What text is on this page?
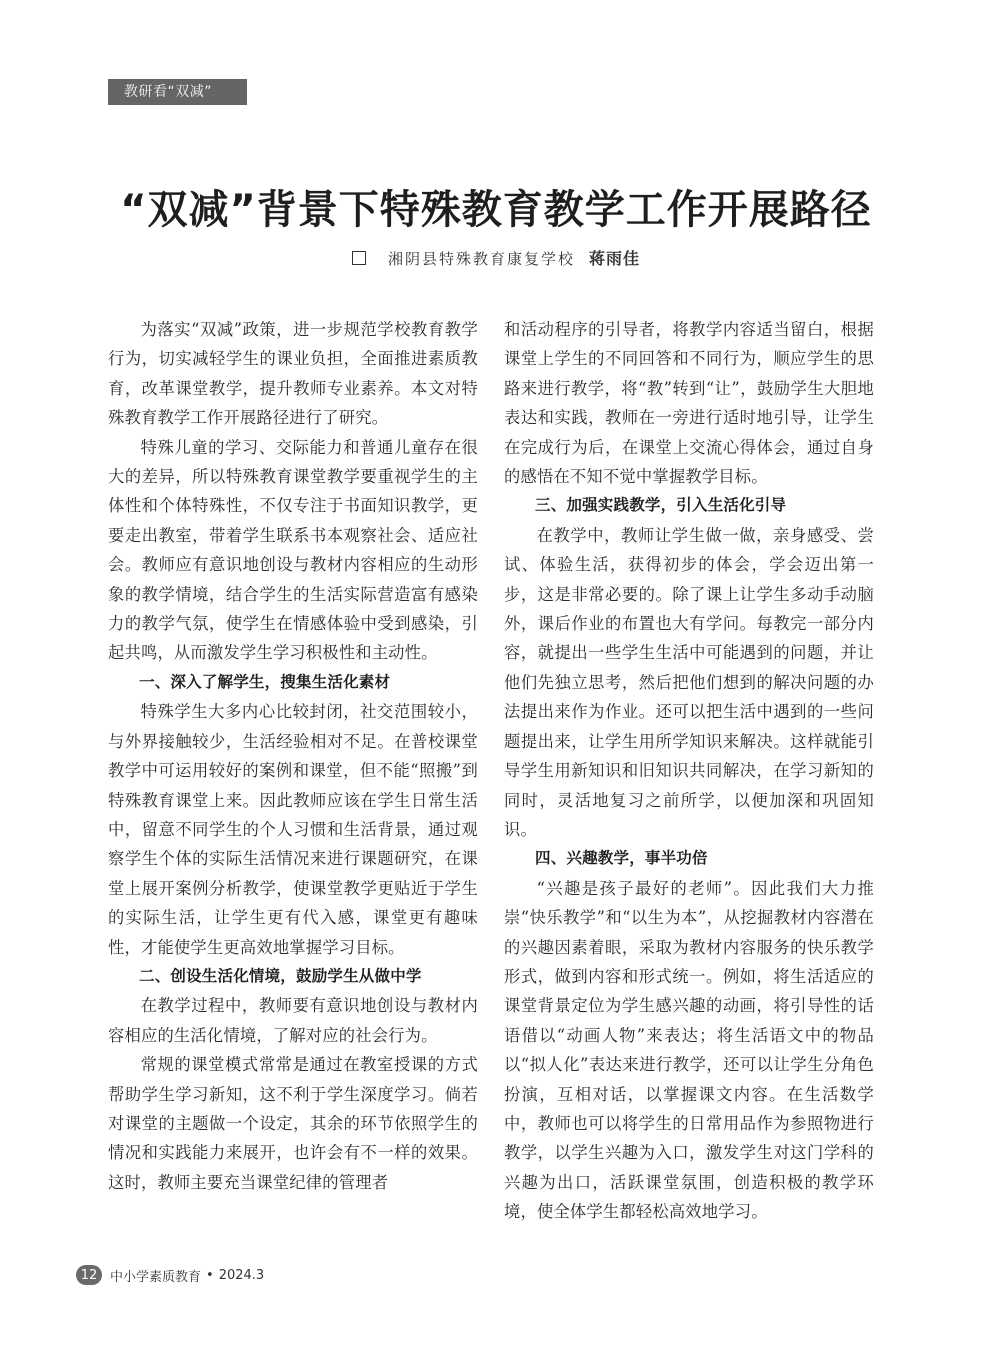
教研看“双减”
“双减”背景下特殊教育教学工作开展路径
湘阴县特殊教育康复学校 蒋雨佳

为落实“双减”政策，进一步规范学校教育教学行为，切实减轻学生的课业负担，全面推进素质教育，改革课堂教学，提升教师专业素养。本文对特殊教育教学工作开展路径进行了研究。

特殊儿童的学习、交际能力和普通儿童存在很大的差异，所以特殊教育课堂教学要重视学生的主体性和个体特殊性，不仅专注于书面知识教学，更要走出教室，带着学生联系书本观察社会、适应社会。教师应有意识地创设与教材内容相应的生动形象的教学情境，结合学生的生活实际营造富有感染力的教学气氛，使学生在情感体验中受到感染，引起共鸣，从而激发学生学习积极性和主动性。

一、深入了解学生，搜集生活化素材

特殊学生大多内心比较封闭，社交范围较小，与外界接触较少，生活经验相对不足。在普校课堂教学中可运用较好的案例和课堂，但不能“照搬”到特殊教育课堂上来。因此教师应该在学生日常生活中，留意不同学生的个人习惯和生活背景，通过观察学生个体的实际生活情况来进行课题研究，在课堂上展开案例分析教学，使课堂教学更贴近于学生的实际生活，让学生更有代入感，课堂更有趣味性，才能使学生更高效地掌握学习目标。

二、创设生活化情境，鼓励学生从做中学

在教学过程中，教师要有意识地创设与教材内容相应的生活化情境，了解对应的社会行为。

常规的课堂模式常常是通过在教室授课的方式帮助学生学习新知，这不利于学生深度学习。倘若对课堂的主题做一个设定，其余的环节依照学生的情况和实践能力来展开，也许会有不一样的效果。这时，教师主要充当课堂纪律的管理者

和活动程序的引导者，将教学内容适当留白，根据课堂上学生的不同回答和不同行为，顺应学生的思路来进行教学，将“教”转到“让”，鼓励学生大胆地表达和实践，教师在一旁进行适时地引导，让学生在完成行为后，在课堂上交流心得体会，通过自身的感悟在不知不觉中掌握教学目标。

三、加强实践教学，引入生活化引导

在教学中，教师让学生做一做，亲身感受、尝试、体验生活，获得初步的体会，学会迈出第一步，这是非常必要的。除了课上让学生多动手动脑外，课后作业的布置也大有学问。每教完一部分内容，就提出一些学生生活中可能遇到的问题，并让他们先独立思考，然后把他们想到的解决问题的办法提出来作为作业。还可以把生活中遇到的一些问题提出来，让学生用所学知识来解决。这样就能引导学生用新知识和旧知识共同解决，在学习新知的同时，灵活地复习之前所学，以便加深和巩固知识。

四、兴趣教学，事半功倍

“兴趣是孩子最好的老师”。因此我们大力推崇“快乐教学”和“以生为本”，从挖掘教材内容潜在的兴趣因素着眼，采取为教材内容服务的快乐教学形式，做到内容和形式统一。例如，将生活适应的课堂背景定位为学生感兴趣的动画，将引导性的话语借以“动画人物”来表达；将生活语文中的物品以“拟人化”表达来进行教学，还可以让学生分角色扮演，互相对话，以掌握课文内容。在生活数学中，教师也可以将学生的日常用品作为参照物进行教学，以学生兴趣为入口，激发学生对这门学科的兴趣为出口，活跃课堂氛围，创造积极的教学环境，使全体学生都轻松高效地学习。

12 中小学素质教育 • 2024.3
